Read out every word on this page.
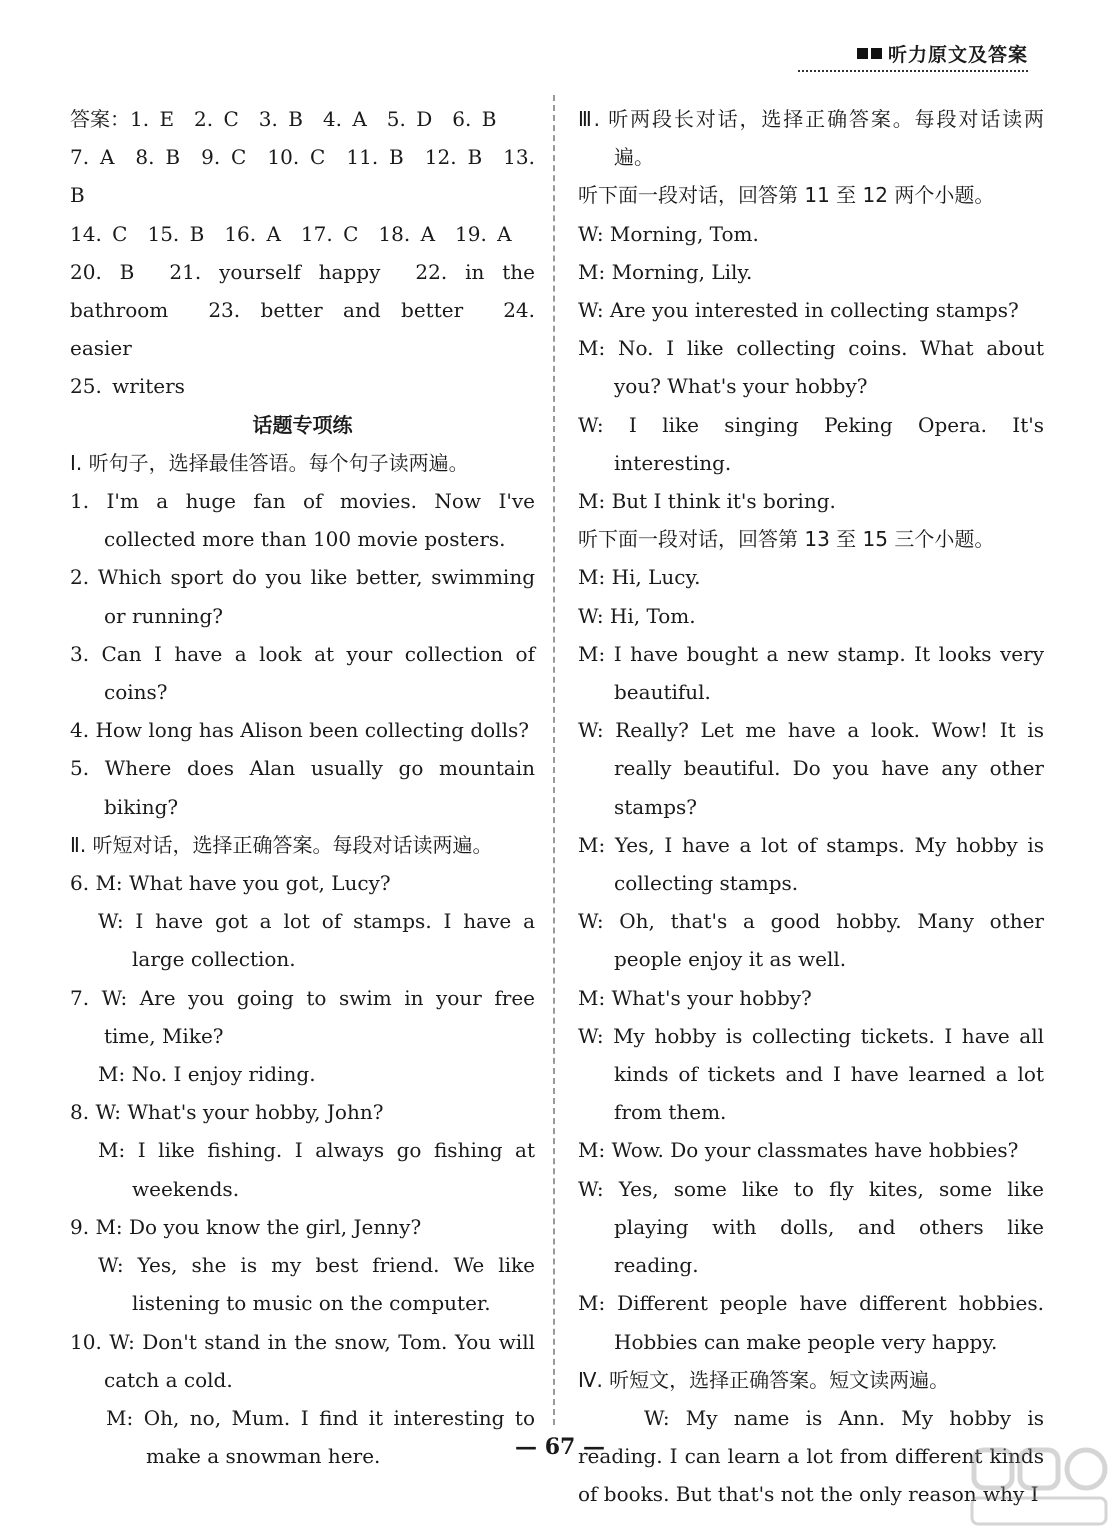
听力原文及答案

答案：1. E　2. C　3. B　4. A　5. D　6. B

7. A　8. B　9. C　10. C　11. B　12. B　13. B

14. C　15. B　16. A　17. C　18. A　19. A

20. B　21. yourself happy　22. in the bathroom　23. better and better　24. easier

25. writers

话题专项练

Ⅰ. 听句子，选择最佳答语。每个句子读两遍。

1. I'm a huge fan of movies. Now I've collected more than 100 movie posters.

2. Which sport do you like better, swimming or running?

3. Can I have a look at your collection of coins?

4. How long has Alison been collecting dolls?

5. Where does Alan usually go mountain biking?

Ⅱ. 听短对话，选择正确答案。每段对话读两遍。

6. M: What have you got, Lucy?

W: I have got a lot of stamps. I have a large collection.

7. W: Are you going to swim in your free time, Mike?

M: No. I enjoy riding.

8. W: What's your hobby, John?

M: I like fishing. I always go fishing at weekends.

9. M: Do you know the girl, Jenny?

W: Yes, she is my best friend. We like listening to music on the computer.

10. W: Don't stand in the snow, Tom. You will catch a cold.

M: Oh, no, Mum. I find it interesting to make a snowman here.

Ⅲ. 听两段长对话，选择正确答案。每段对话读两遍。

听下面一段对话，回答第 11 至 12 两个小题。

W: Morning, Tom.

M: Morning, Lily.

W: Are you interested in collecting stamps?

M: No. I like collecting coins. What about you? What's your hobby?

W: I like singing Peking Opera. It's interesting.

M: But I think it's boring.

听下面一段对话，回答第 13 至 15 三个小题。

M: Hi, Lucy.

W: Hi, Tom.

M: I have bought a new stamp. It looks very beautiful.

W: Really? Let me have a look. Wow! It is really beautiful. Do you have any other stamps?

M: Yes, I have a lot of stamps. My hobby is collecting stamps.

W: Oh, that's a good hobby. Many other people enjoy it as well.

M: What's your hobby?

W: My hobby is collecting tickets. I have all kinds of tickets and I have learned a lot from them.

M: Wow. Do your classmates have hobbies?

W: Yes, some like to fly kites, some like playing with dolls, and others like reading.

M: Different people have different hobbies. Hobbies can make people very happy.

Ⅳ. 听短文，选择正确答案。短文读两遍。

W: My name is Ann. My hobby is reading. I can learn a lot from different kinds of books. But that's not the only reason why I

— 67 —
